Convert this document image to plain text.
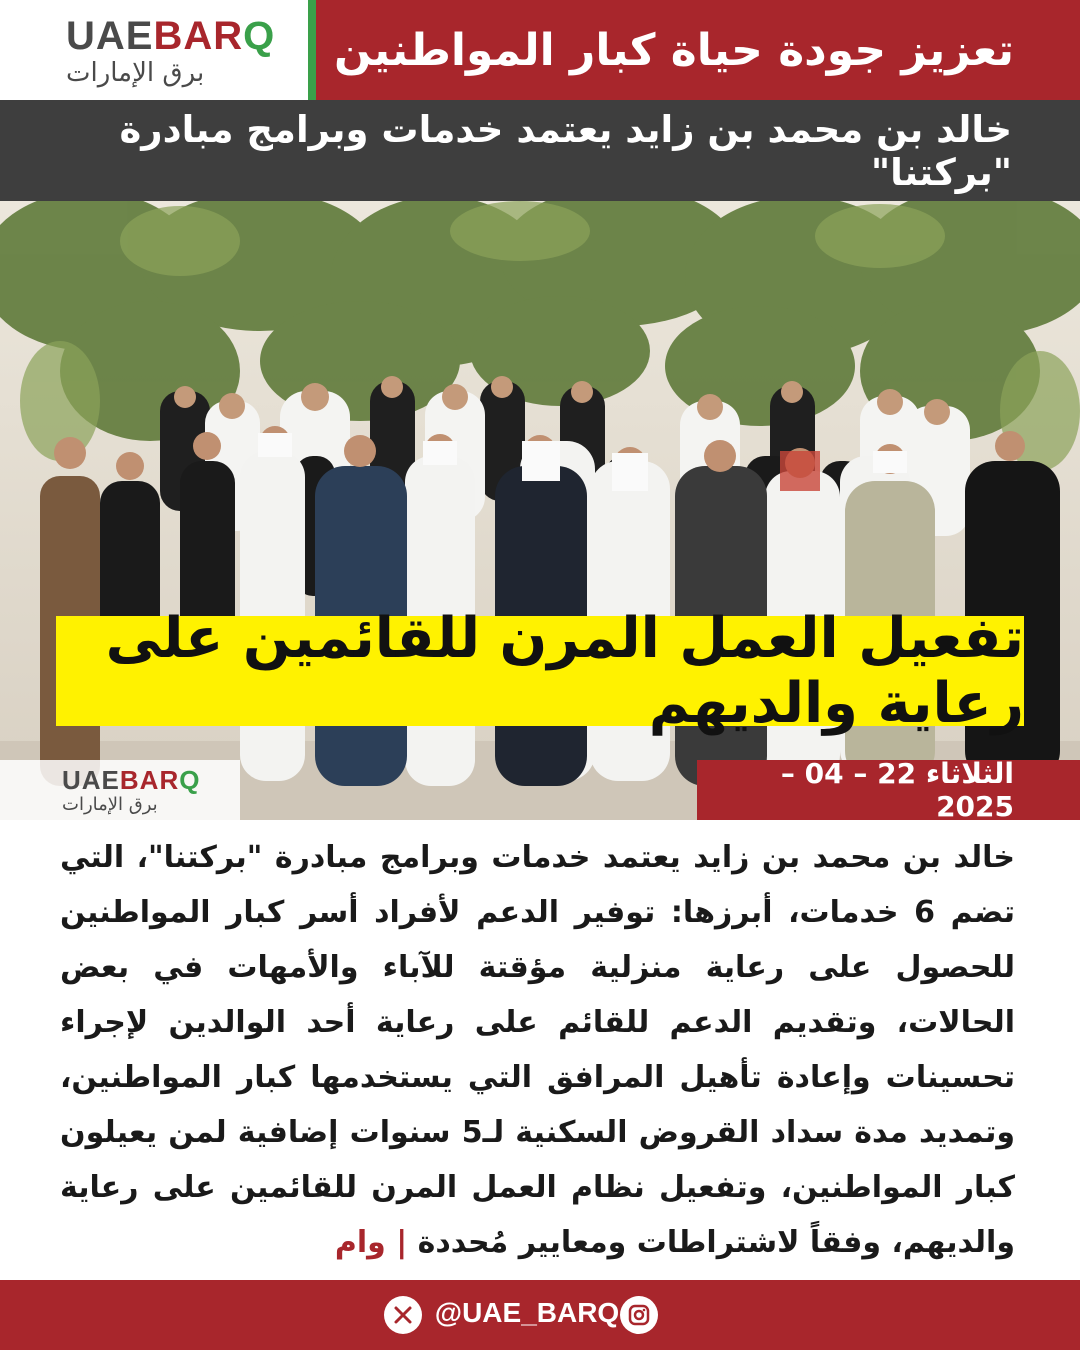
UAEBARQ
برق الإمارات	تعزيز جودة حياة كبار المواطنين
خالد بن محمد بن زايد يعتمد خدمات وبرامج مبادرة "بركتنا"
تفعيل العمل المرن للقائمين على رعاية والديهم
UAEBARQ
برق الإمارات
الثلاثاء 22 – 04 – 2025
خالد بن محمد بن زايد يعتمد خدمات وبرامج مبادرة "بركتنا"، التي تضم 6 خدمات، أبرزها: توفير الدعم لأفراد أسر كبار المواطنين للحصول على رعاية منزلية مؤقتة للآباء والأمهات في بعض الحالات، وتقديم الدعم للقائم على رعاية أحد الوالدين لإجراء تحسينات وإعادة تأهيل المرافق التي يستخدمها كبار المواطنين، وتمديد مدة سداد القروض السكنية لـ5 سنوات إضافية لمن يعيلون كبار المواطنين، وتفعيل نظام العمل المرن للقائمين على رعاية والديهم، وفقاً لاشتراطات ومعايير مُحددة | وام
@UAE_BARQ
